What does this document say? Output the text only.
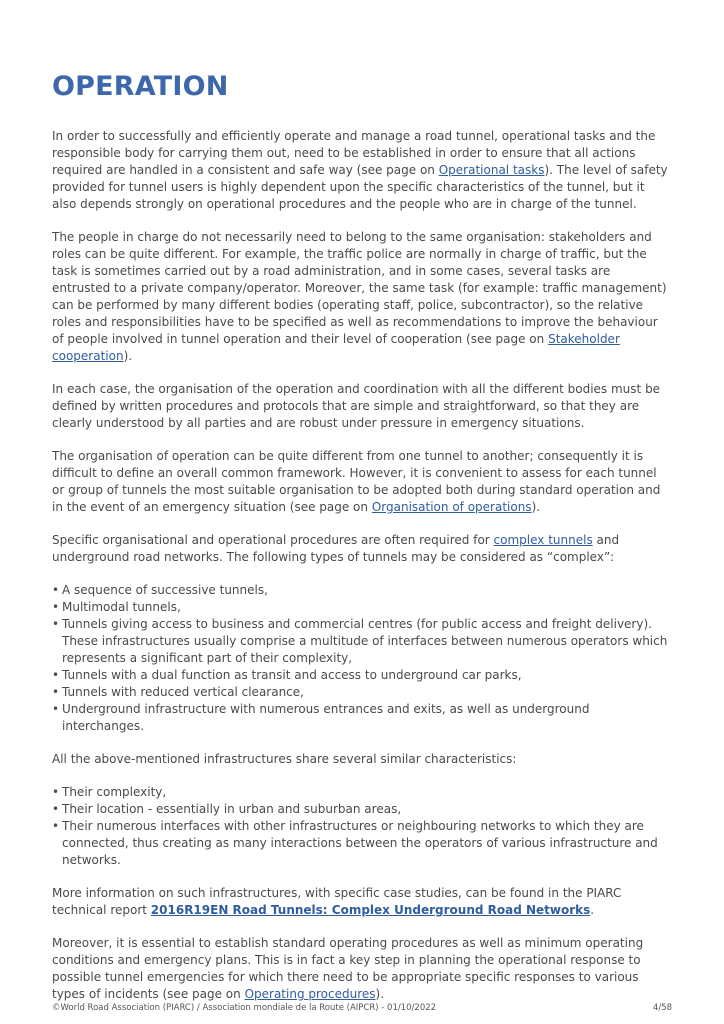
OPERATION

In order to successfully and efficiently operate and manage a road tunnel, operational tasks and the responsible body for carrying them out, need to be established in order to ensure that all actions required are handled in a consistent and safe way (see page on Operational tasks). The level of safety provided for tunnel users is highly dependent upon the specific characteristics of the tunnel, but it also depends strongly on operational procedures and the people who are in charge of the tunnel.

The people in charge do not necessarily need to belong to the same organisation: stakeholders and roles can be quite different. For example, the traffic police are normally in charge of traffic, but the task is sometimes carried out by a road administration, and in some cases, several tasks are entrusted to a private company/operator. Moreover, the same task (for example: traffic management) can be performed by many different bodies (operating staff, police, subcontractor), so the relative roles and responsibilities have to be specified as well as recommendations to improve the behaviour of people involved in tunnel operation and their level of cooperation (see page on Stakeholder cooperation).

In each case, the organisation of the operation and coordination with all the different bodies must be defined by written procedures and protocols that are simple and straightforward, so that they are clearly understood by all parties and are robust under pressure in emergency situations.

The organisation of operation can be quite different from one tunnel to another; consequently it is difficult to define an overall common framework. However, it is convenient to assess for each tunnel or group of tunnels the most suitable organisation to be adopted both during standard operation and in the event of an emergency situation (see page on Organisation of operations).

Specific organisational and operational procedures are often required for complex tunnels and underground road networks. The following types of tunnels may be considered as “complex”:

• A sequence of successive tunnels,
• Multimodal tunnels,
• Tunnels giving access to business and commercial centres (for public access and freight delivery). These infrastructures usually comprise a multitude of interfaces between numerous operators which represents a significant part of their complexity,
• Tunnels with a dual function as transit and access to underground car parks,
• Tunnels with reduced vertical clearance,
• Underground infrastructure with numerous entrances and exits, as well as underground interchanges.

All the above-mentioned infrastructures share several similar characteristics:

• Their complexity,
• Their location - essentially in urban and suburban areas,
• Their numerous interfaces with other infrastructures or neighbouring networks to which they are connected, thus creating as many interactions between the operators of various infrastructure and networks.

More information on such infrastructures, with specific case studies, can be found in the PIARC technical report 2016R19EN Road Tunnels: Complex Underground Road Networks.

Moreover, it is essential to establish standard operating procedures as well as minimum operating conditions and emergency plans. This is in fact a key step in planning the operational response to possible tunnel emergencies for which there need to be appropriate specific responses to various types of incidents (see page on Operating procedures).

©World Road Association (PIARC) / Association mondiale de la Route (AIPCR) - 01/10/2022	4/58
